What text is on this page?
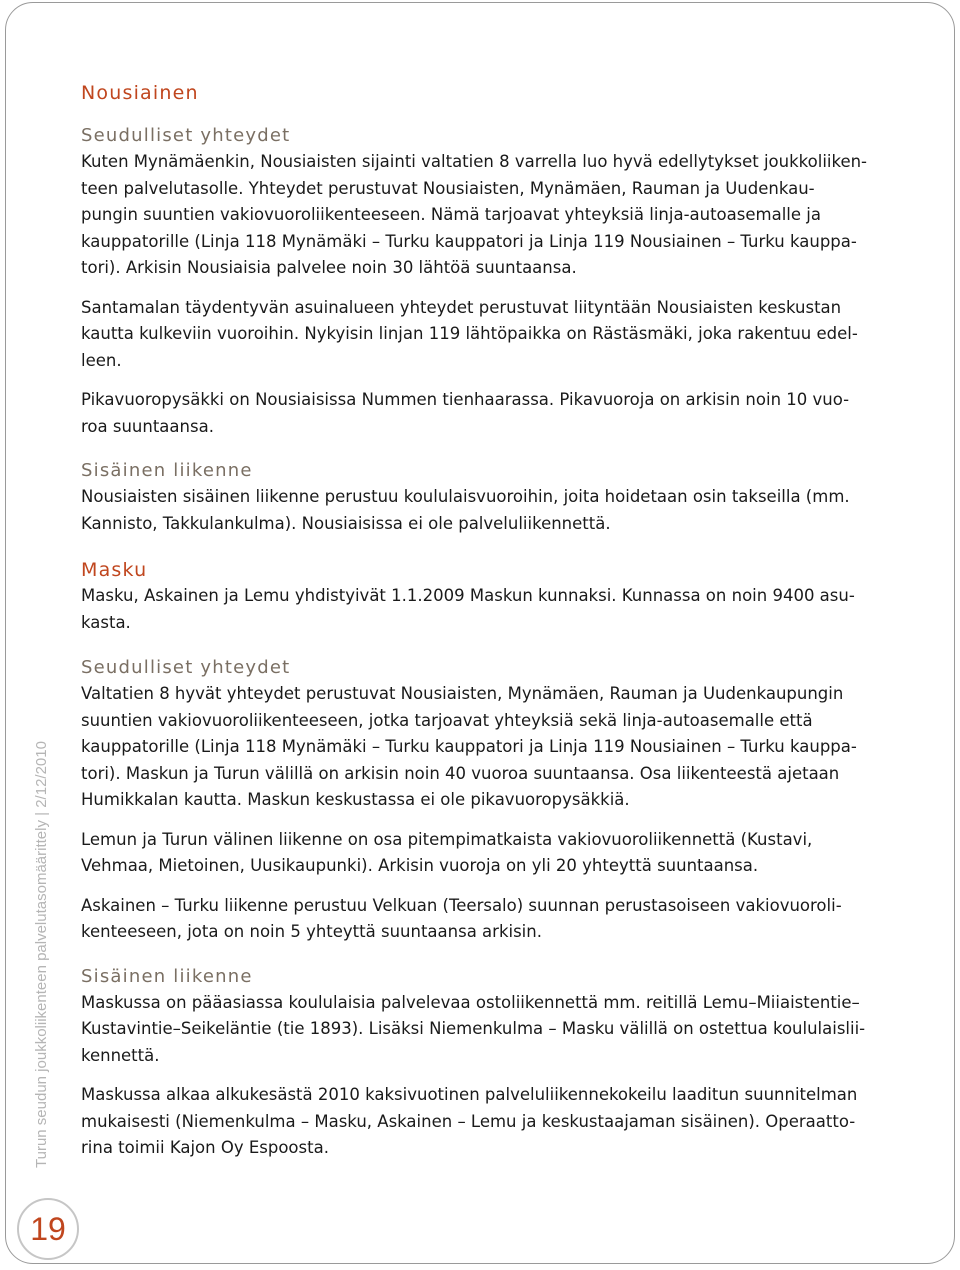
Turun seudun joukkoliikenteen palvelutasomäärittely | 2/12/2010
19
Nousiainen
Seudulliset yhteydet
Kuten Mynämäenkin, Nousiaisten sijainti valtatien 8 varrella luo hyvä edellytykset joukkoliiken-
teen palvelutasolle. Yhteydet perustuvat Nousiaisten, Mynämäen, Rauman ja Uudenkau-
pungin suuntien vakiovuoroliikenteeseen. Nämä tarjoavat yhteyksiä linja-autoasemalle ja
kauppatorille (Linja 118 Mynämäki – Turku kauppatori ja Linja 119 Nousiainen – Turku kauppa-
tori). Arkisin Nousiaisia palvelee noin 30 lähtöä suuntaansa.
Santamalan täydentyvän asuinalueen yhteydet perustuvat liityntään Nousiaisten keskustan
kautta kulkeviin vuoroihin. Nykyisin linjan 119 lähtöpaikka on Rästäsmäki, joka rakentuu edel-
leen.
Pikavuoropysäkki on Nousiaisissa Nummen tienhaarassa. Pikavuoroja on arkisin noin 10 vuo-
roa suuntaansa.
Sisäinen liikenne
Nousiaisten sisäinen liikenne perustuu koululaisvuoroihin, joita hoidetaan osin takseilla (mm.
Kannisto, Takkulankulma). Nousiaisissa ei ole palveluliikennettä.
Masku
Masku, Askainen ja Lemu yhdistyivät 1.1.2009 Maskun kunnaksi. Kunnassa on noin 9400 asu-
kasta.
Seudulliset yhteydet
Valtatien 8 hyvät yhteydet perustuvat Nousiaisten, Mynämäen, Rauman ja Uudenkaupungin
suuntien vakiovuoroliikenteeseen, jotka tarjoavat yhteyksiä sekä linja-autoasemalle että
kauppatorille (Linja 118 Mynämäki – Turku kauppatori ja Linja 119 Nousiainen – Turku kauppa-
tori). Maskun ja Turun välillä on arkisin noin 40 vuoroa suuntaansa. Osa liikenteestä ajetaan
Humikkalan kautta. Maskun keskustassa ei ole pikavuoropysäkkiä.
Lemun ja Turun välinen liikenne on osa pitempimatkaista vakiovuoroliikennettä (Kustavi,
Vehmaa, Mietoinen, Uusikaupunki). Arkisin vuoroja on yli 20 yhteyttä suuntaansa.
Askainen – Turku liikenne perustuu Velkuan (Teersalo) suunnan perustasoiseen vakiovuoroli-
kenteeseen, jota on noin 5 yhteyttä suuntaansa arkisin.
Sisäinen liikenne
Maskussa on pääasiassa koululaisia palvelevaa ostoliikennettä mm. reitillä Lemu–Miiaistentie–
Kustavintie–Seikeläntie (tie 1893). Lisäksi Niemenkulma – Masku välillä on ostettua koululaislii-
kennettä.
Maskussa alkaa alkukesästä 2010 kaksivuotinen palveluliikennekokeilu laaditun suunnitelman
mukaisesti (Niemenkulma – Masku, Askainen – Lemu ja keskustaajaman sisäinen). Operaatto-
rina toimii Kajon Oy Espoosta.
